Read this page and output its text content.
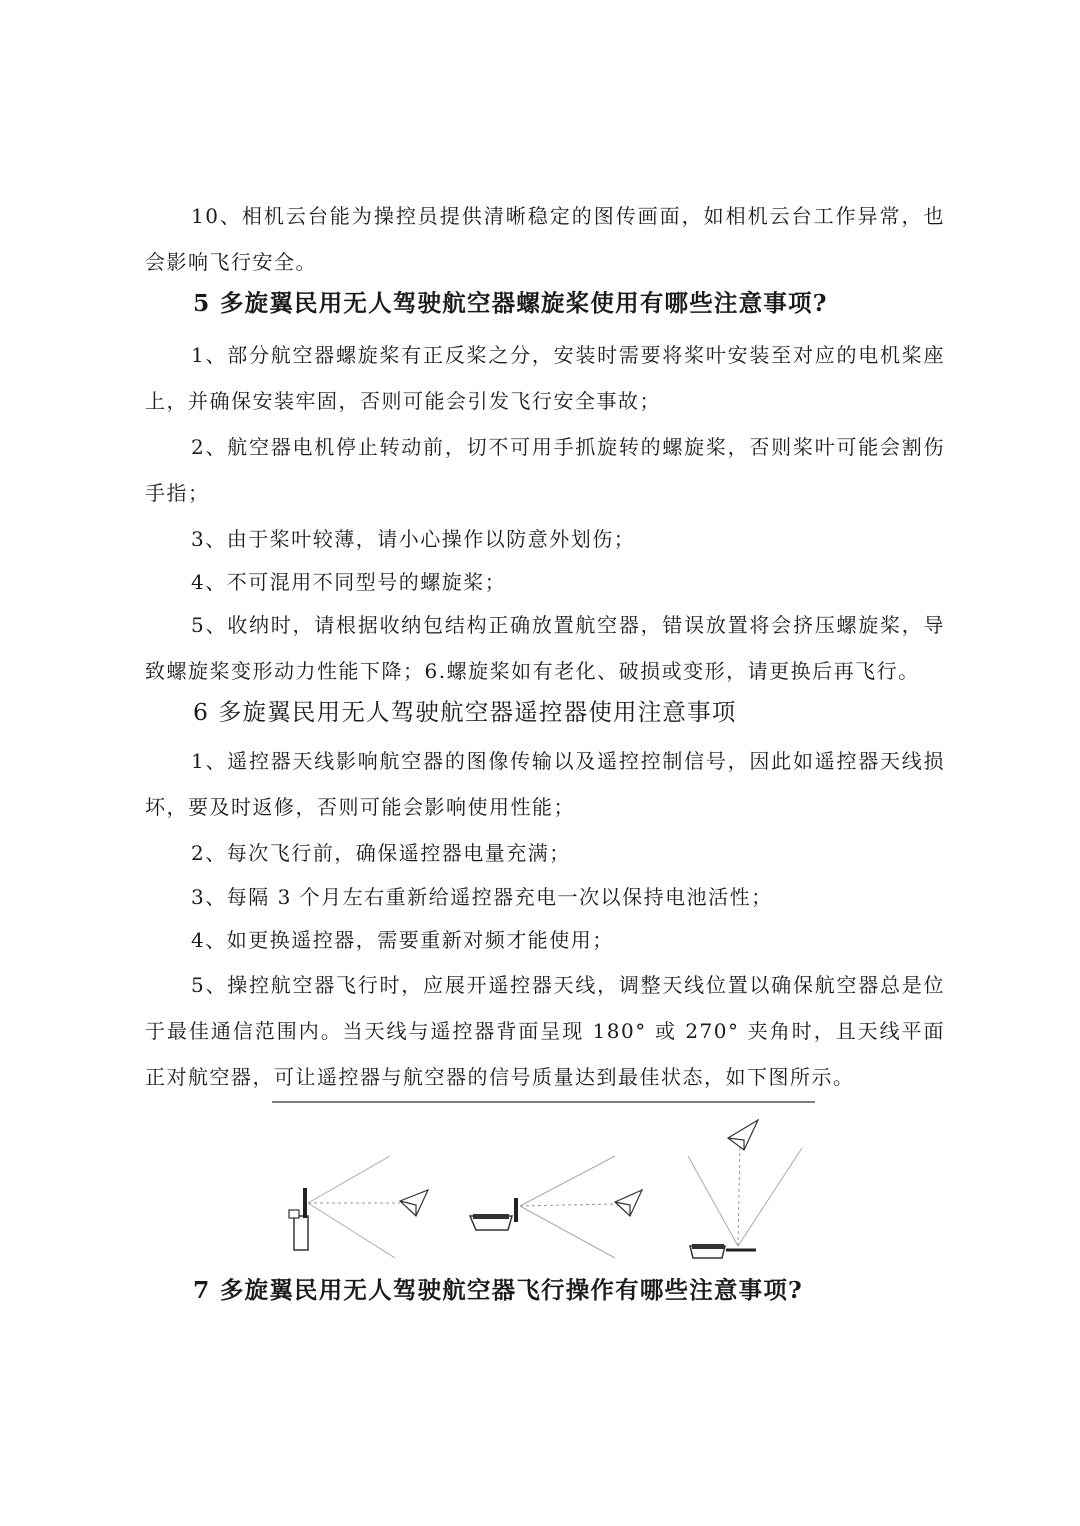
10、相机云台能为操控员提供清晰稳定的图传画面，如相机云台工作异常，也会影响飞行安全。

5 多旋翼民用无人驾驶航空器螺旋桨使用有哪些注意事项?

1、部分航空器螺旋桨有正反桨之分，安装时需要将桨叶安装至对应的电机桨座上，并确保安装牢固，否则可能会引发飞行安全事故；

2、航空器电机停止转动前，切不可用手抓旋转的螺旋桨，否则桨叶可能会割伤手指；

3、由于桨叶较薄，请小心操作以防意外划伤；

4、不可混用不同型号的螺旋桨；

5、收纳时，请根据收纳包结构正确放置航空器，错误放置将会挤压螺旋桨，导致螺旋桨变形动力性能下降；6.螺旋桨如有老化、破损或变形，请更换后再飞行。

6 多旋翼民用无人驾驶航空器遥控器使用注意事项

1、遥控器天线影响航空器的图像传输以及遥控控制信号，因此如遥控器天线损坏，要及时返修，否则可能会影响使用性能；

2、每次飞行前，确保遥控器电量充满；

3、每隔 3 个月左右重新给遥控器充电一次以保持电池活性；

4、如更换遥控器，需要重新对频才能使用；

5、操控航空器飞行时，应展开遥控器天线，调整天线位置以确保航空器总是位于最佳通信范围内。当天线与遥控器背面呈现 180° 或 270° 夹角时，且天线平面正对航空器，可让遥控器与航空器的信号质量达到最佳状态，如下图所示。

7 多旋翼民用无人驾驶航空器飞行操作有哪些注意事项?
